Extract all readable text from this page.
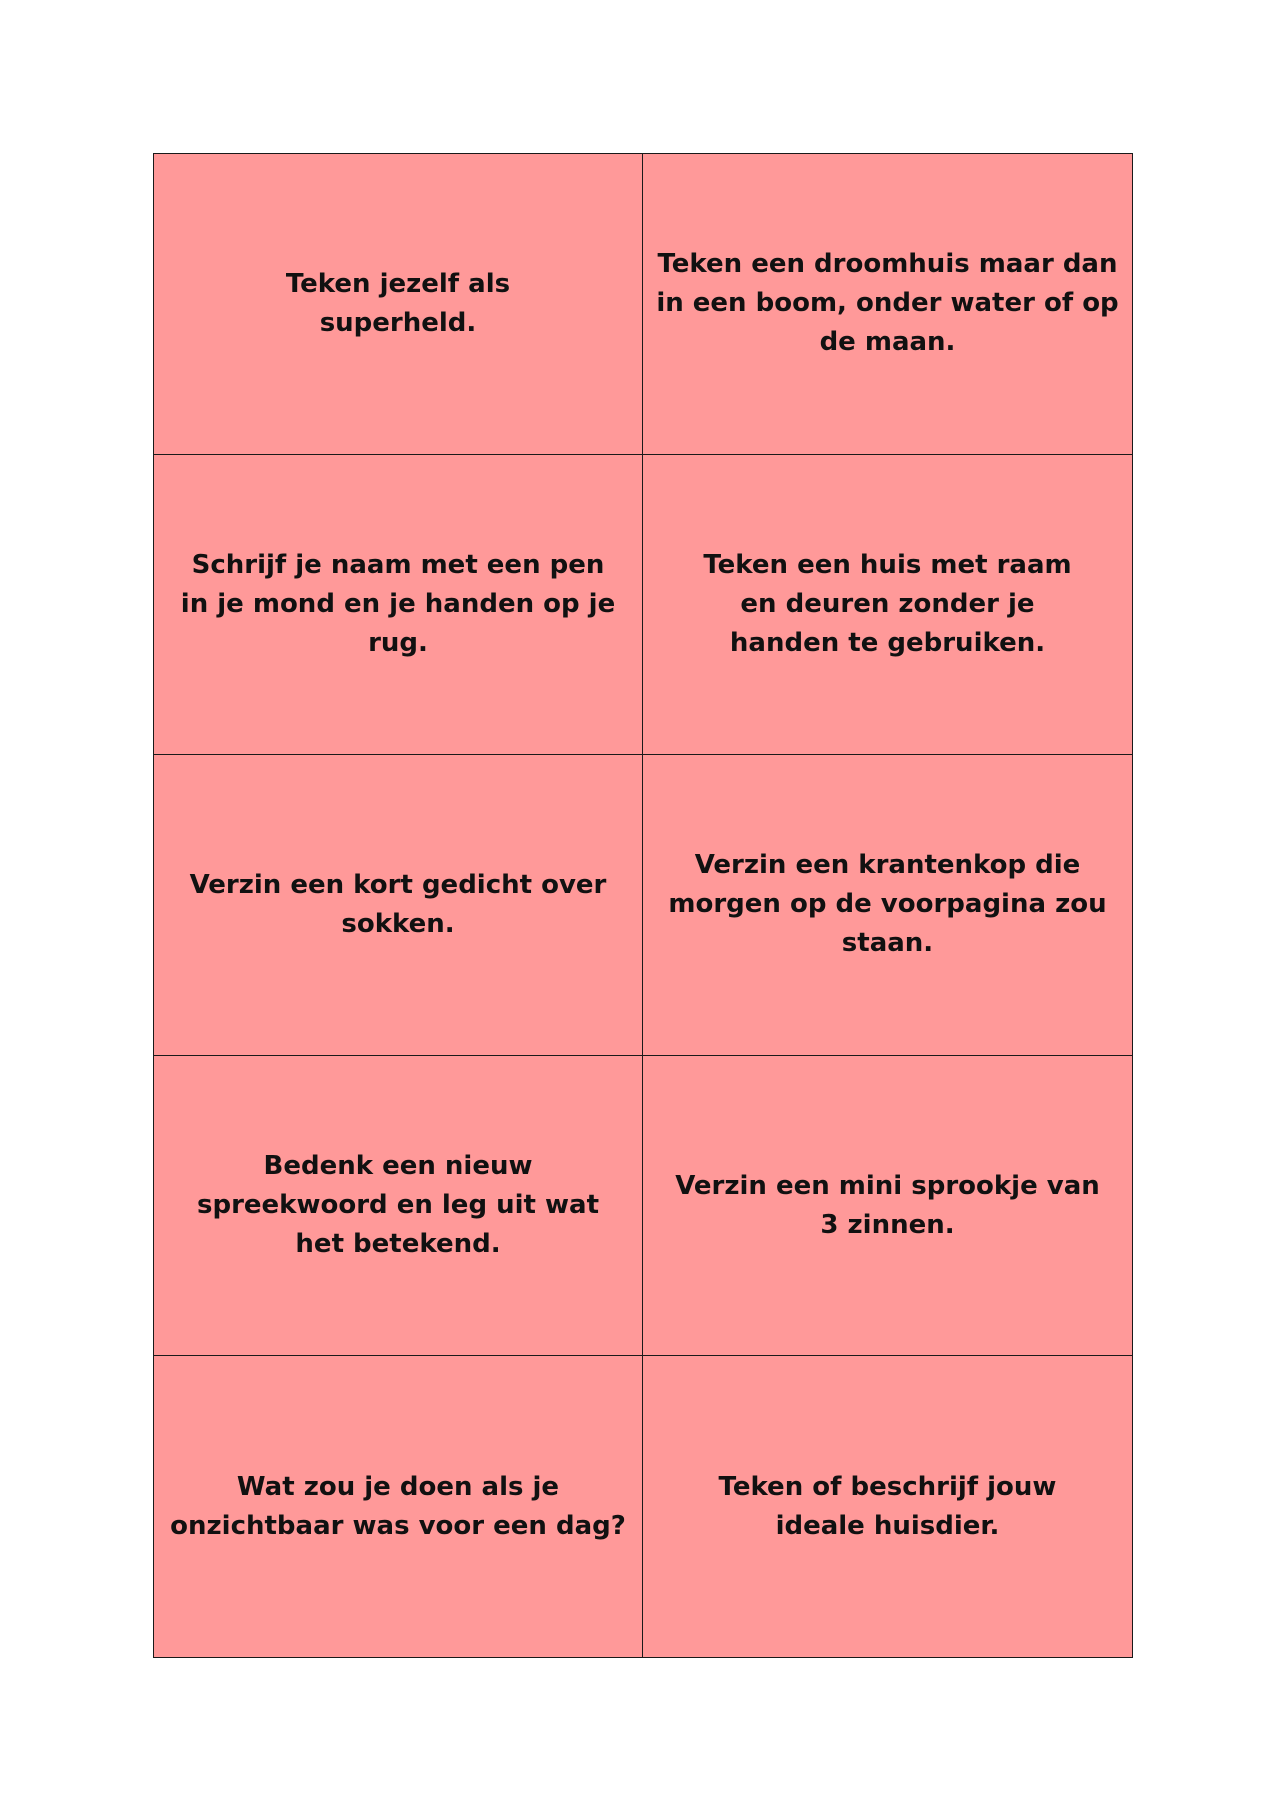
Teken jezelf als superheld.
Teken een droomhuis maar dan in een boom, onder water of op de maan.
Schrijf je naam met een pen in je mond en je handen op je rug.
Teken een huis met raam en deuren zonder je handen te gebruiken.
Verzin een kort gedicht over sokken.
Verzin een krantenkop die morgen op de voorpagina zou staan.
Bedenk een nieuw spreekwoord en leg uit wat het betekend.
Verzin een mini sprookje van 3 zinnen.
Wat zou je doen als je onzichtbaar was voor een dag?
Teken of beschrijf jouw ideale huisdier.
